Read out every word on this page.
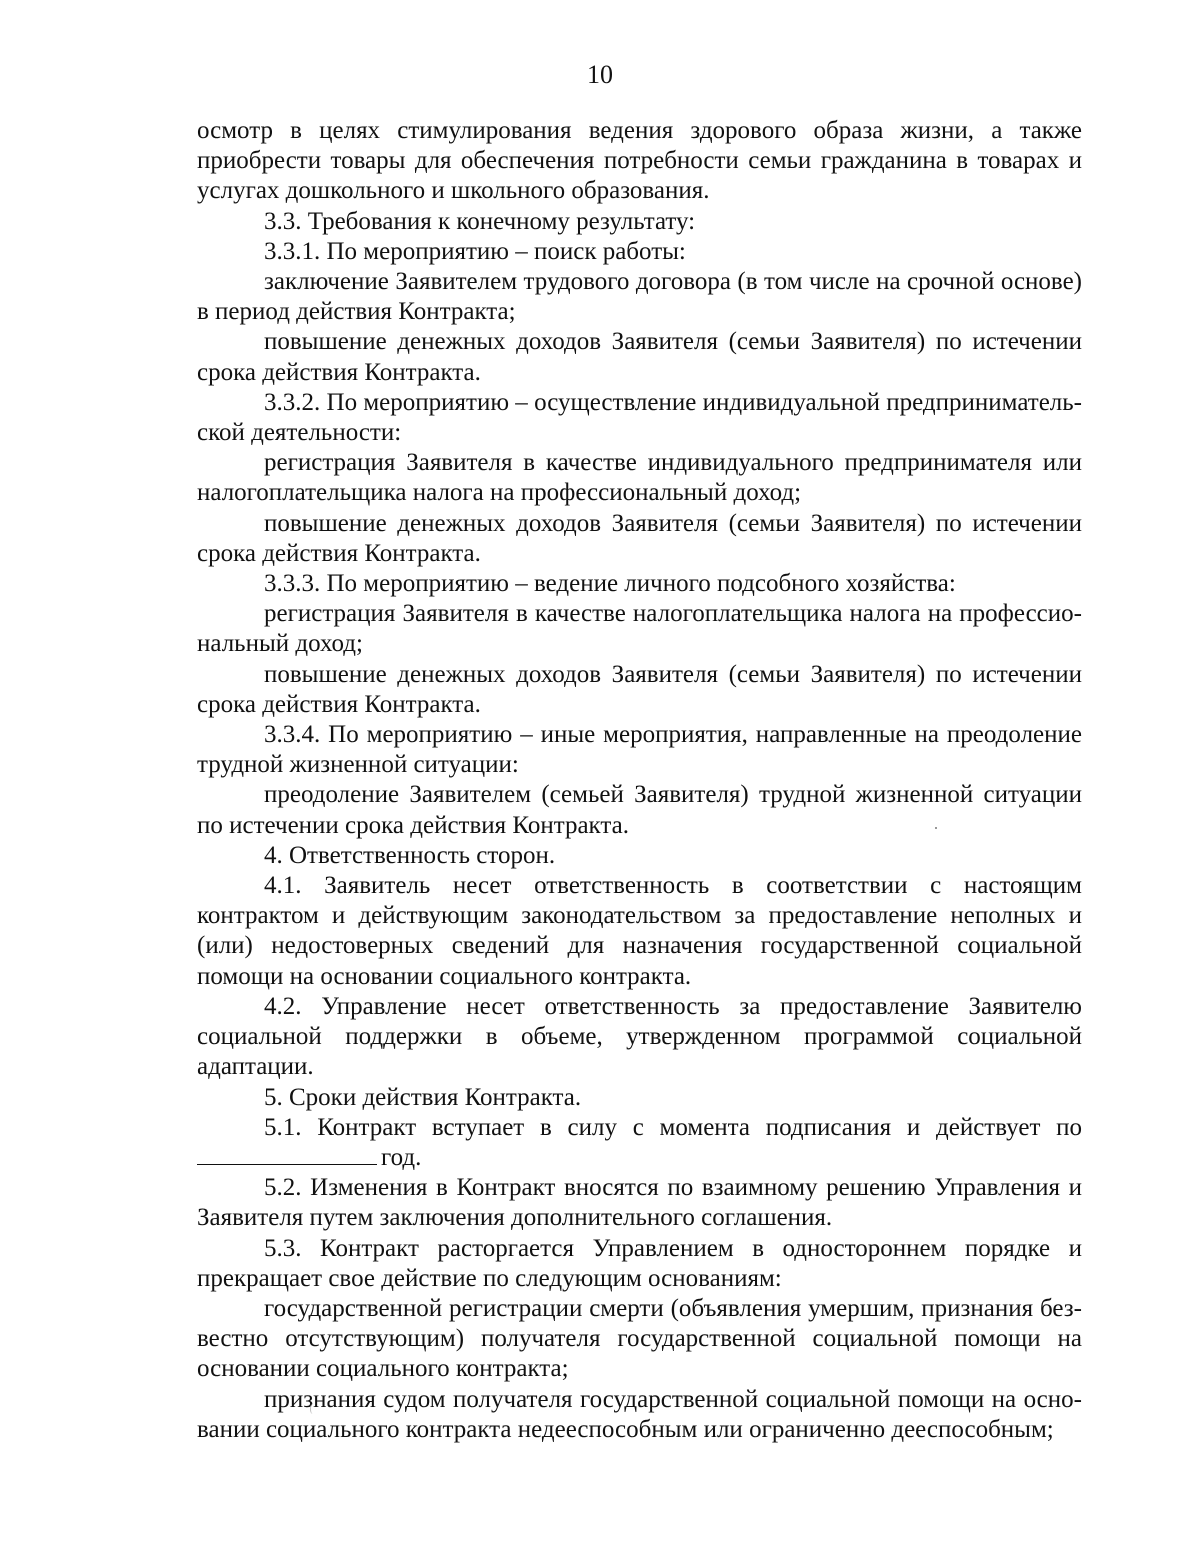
10

осмотр в целях стимулирования ведения здорового образа жизни, а также приобрести товары для обеспечения потребности семьи гражданина в товарах и услугах дошкольного и школьного образования.

3.3. Требования к конечному результату:

3.3.1. По мероприятию – поиск работы:

заключение Заявителем трудового договора (в том числе на срочной основе) в период действия Контракта;

повышение денежных доходов Заявителя (семьи Заявителя) по истечении срока действия Контракта.

3.3.2. По мероприятию – осуществление индивидуальной предпринимательской деятельности:

регистрация Заявителя в качестве индивидуального предпринимателя или налогоплательщика налога на профессиональный доход;

повышение денежных доходов Заявителя (семьи Заявителя) по истечении срока действия Контракта.

3.3.3. По мероприятию – ведение личного подсобного хозяйства:

регистрация Заявителя в качестве налогоплательщика налога на профессиональный доход;

повышение денежных доходов Заявителя (семьи Заявителя) по истечении срока действия Контракта.

3.3.4. По мероприятию – иные мероприятия, направленные на преодоление трудной жизненной ситуации:

преодоление Заявителем (семьей Заявителя) трудной жизненной ситуации по истечении срока действия Контракта.

4. Ответственность сторон.

4.1. Заявитель несет ответственность в соответствии с настоящим контрактом и действующим законодательством за предоставление неполных и (или) недостоверных сведений для назначения государственной социальной помощи на основании социального контракта.

4.2. Управление несет ответственность за предоставление Заявителю социальной поддержки в объеме, утвержденном программой социальной адаптации.

5. Сроки действия Контракта.

5.1. Контракт вступает в силу с момента подписания и действует по

год.

5.2. Изменения в Контракт вносятся по взаимному решению Управления и Заявителя путем заключения дополнительного соглашения.

5.3. Контракт расторгается Управлением в одностороннем порядке и прекращает свое действие по следующим основаниям:

государственной регистрации смерти (объявления умершим, признания безвестно отсутствующим) получателя государственной социальной помощи на основании социального контракта;

признания судом получателя государственной социальной помощи на основании социального контракта недееспособным или ограниченно дееспособным;
